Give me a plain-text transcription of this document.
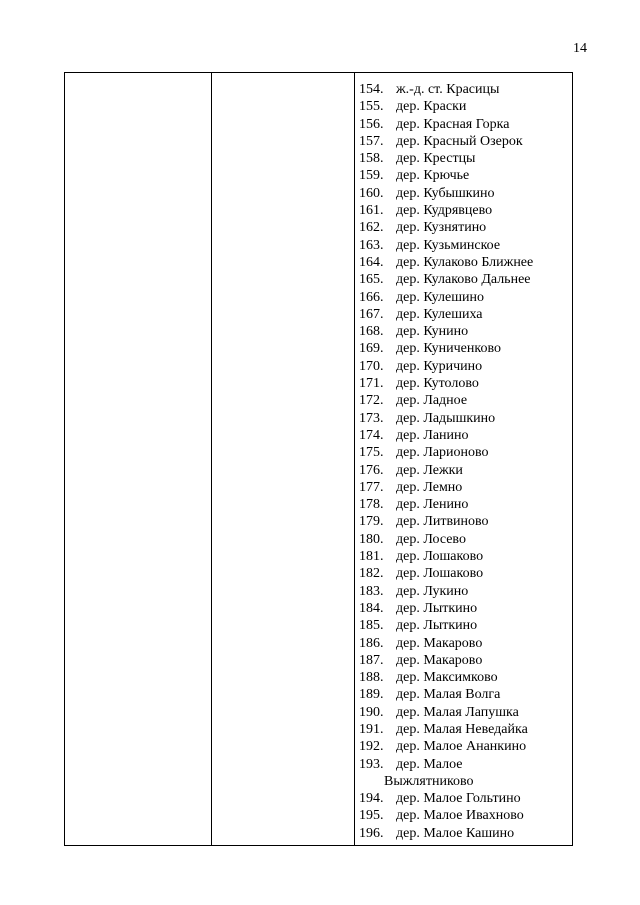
14
154. ж.-д. ст. Красицы
155. дер. Краски
156. дер. Красная Горка
157. дер. Красный Озерок
158. дер. Крестцы
159. дер. Крючье
160. дер. Кубышкино
161. дер. Кудрявцево
162. дер. Кузнятино
163. дер. Кузьминское
164. дер. Кулаково Ближнее
165. дер. Кулаково Дальнее
166. дер. Кулешино
167. дер. Кулешиха
168. дер. Кунино
169. дер. Куниченково
170. дер. Куричино
171. дер. Кутолово
172. дер. Ладное
173. дер. Ладышкино
174. дер. Ланино
175. дер. Ларионово
176. дер. Лежки
177. дер. Лемно
178. дер. Ленино
179. дер. Литвиново
180. дер. Лосево
181. дер. Лошаково
182. дер. Лошаково
183. дер. Лукино
184. дер. Лыткино
185. дер. Лыткино
186. дер. Макарово
187. дер. Макарово
188. дер. Максимково
189. дер. Малая Волга
190. дер. Малая Лапушка
191. дер. Малая Неведайка
192. дер. Малое Ананкино
193. дер. Малое
Выжлятниково
194. дер. Малое Гольтино
195. дер. Малое Ивахново
196. дер. Малое Кашино
